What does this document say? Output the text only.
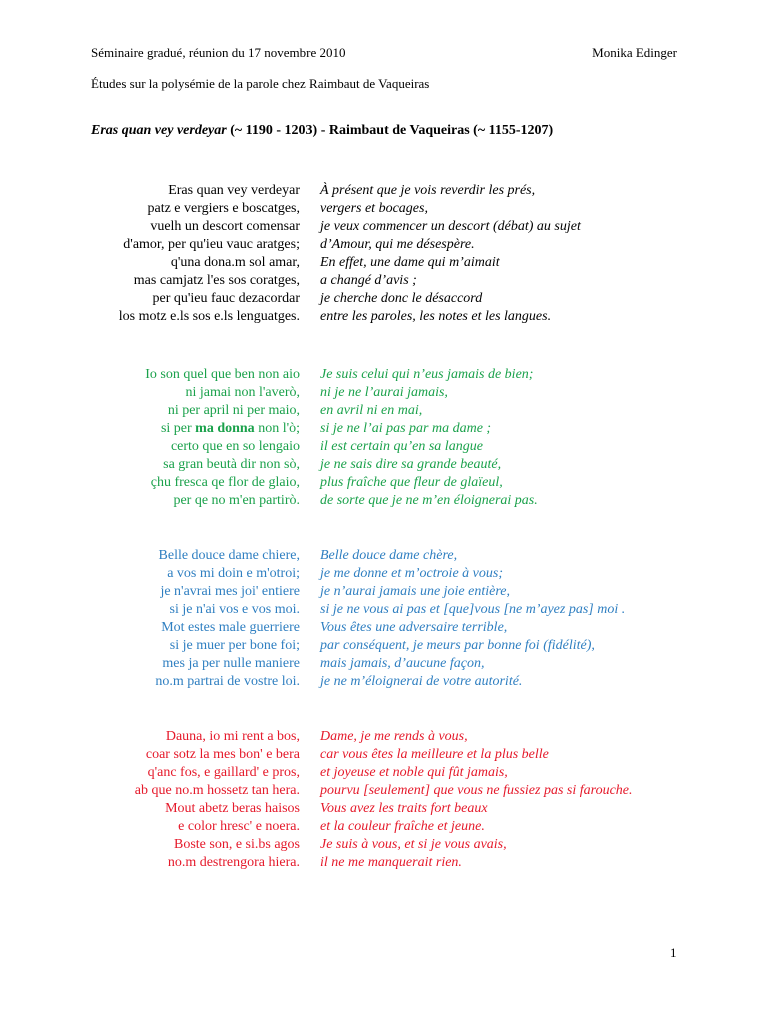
Séminaire gradué, réunion du 17 novembre 2010	Monika Edinger
Études sur la polysémie de la parole chez Raimbaut de Vaqueiras
Eras quan vey verdeyar (~ 1190 - 1203) - Raimbaut de Vaqueiras (~ 1155-1207)
Eras quan vey verdeyar À présent que je vois reverdir les prés,
patz e vergiers e boscatges, vergers et bocages,
vuelh un descort comensar je veux commencer un descort (débat) au sujet
d'amor, per qu'ieu vauc aratges; d’Amour, qui me désespère.
q'una dona.m sol amar, En effet, une dame qui m’aimait
mas camjatz l'es sos coratges, a changé d’avis ;
per qu'ieu fauc dezacordar je cherche donc le désaccord
los motz e.ls sos e.ls lenguatges. entre les paroles, les notes et les langues.
Io son quel que ben non aio Je suis celui qui n’eus jamais de bien;
ni jamai non l'averò, ni je ne l’aurai jamais,
ni per april ni per maio, en avril ni en mai,
si per ma donna non l'ò; si je ne l’ai pas par ma dame ;
certo que en so lengaio il est certain qu’en sa langue
sa gran beutà dir non sò, je ne sais dire sa grande beauté,
çhu fresca qe flor de glaio, plus fraîche que fleur de glaïeul,
per qe no m'en partirò. de sorte que je ne m’en éloignerai pas.
Belle douce dame chiere, Belle douce dame chère,
a vos mi doin e m'otroi; je me donne et m’octroie à vous;
je n'avrai mes joi' entiere je n’aurai jamais une joie entière,
si je n'ai vos e vos moi. si je ne vous ai pas et [que]vous [ne m’ayez pas] moi .
Mot estes male guerriere Vous êtes une adversaire terrible,
si je muer per bone foi; par conséquent, je meurs par bonne foi (fidélité),
mes ja per nulle maniere mais jamais, d’aucune façon,
no.m partrai de vostre loi. je ne m’éloignerai de votre autorité.
Dauna, io mi rent a bos, Dame, je me rends à vous,
coar sotz la mes bon' e bera car vous êtes la meilleure et la plus belle
q'anc fos, e gaillard' e pros, et joyeuse et noble qui fût jamais,
ab que no.m hossetz tan hera. pourvu [seulement] que vous ne fussiez pas si farouche.
Mout abetz beras haisos Vous avez les traits fort beaux
e color hresc' e noera. et la couleur fraîche et jeune.
Boste son, e si.bs agos Je suis à vous, et si je vous avais,
no.m destrengora hiera. il ne me manquerait rien.
1
